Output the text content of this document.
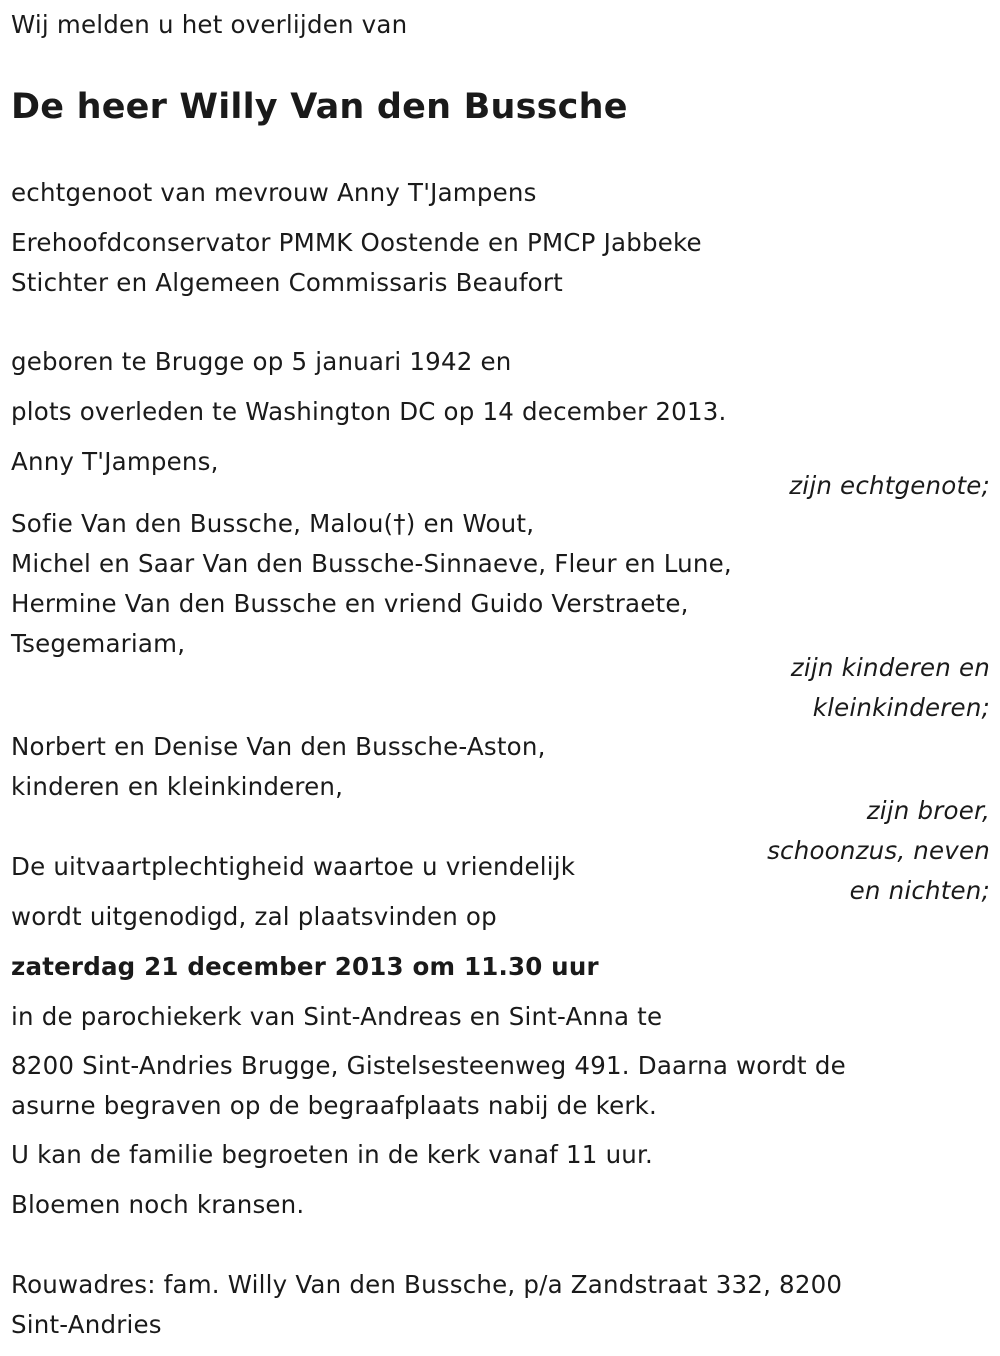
Wij melden u het overlijden van
De heer Willy Van den Bussche
echtgenoot van mevrouw Anny T'Jampens
Erehoofdconservator PMMK Oostende en PMCP Jabbeke
Stichter en Algemeen Commissaris Beaufort
geboren te Brugge op 5 januari 1942 en
plots overleden te Washington DC op 14 december 2013.
Anny T'Jampens,
zijn echtgenote;
Sofie Van den Bussche, Malou(†) en Wout,
Michel en Saar Van den Bussche-Sinnaeve, Fleur en Lune,
Hermine Van den Bussche en vriend Guido Verstraete,
Tsegemariam,
zijn kinderen en
kleinkinderen;
Norbert en Denise Van den Bussche-Aston,
kinderen en kleinkinderen,
zijn broer,
schoonzus, neven
en nichten;
De uitvaartplechtigheid waartoe u vriendelijk
wordt uitgenodigd, zal plaatsvinden op
zaterdag 21 december 2013 om 11.30 uur
in de parochiekerk van Sint-Andreas en Sint-Anna te
8200 Sint-Andries Brugge, Gistelsesteenweg 491. Daarna wordt de
asurne begraven op de begraafplaats nabij de kerk.
U kan de familie begroeten in de kerk vanaf 11 uur.
Bloemen noch kransen.
Rouwadres: fam. Willy Van den Bussche, p/a Zandstraat 332, 8200
Sint-Andries
